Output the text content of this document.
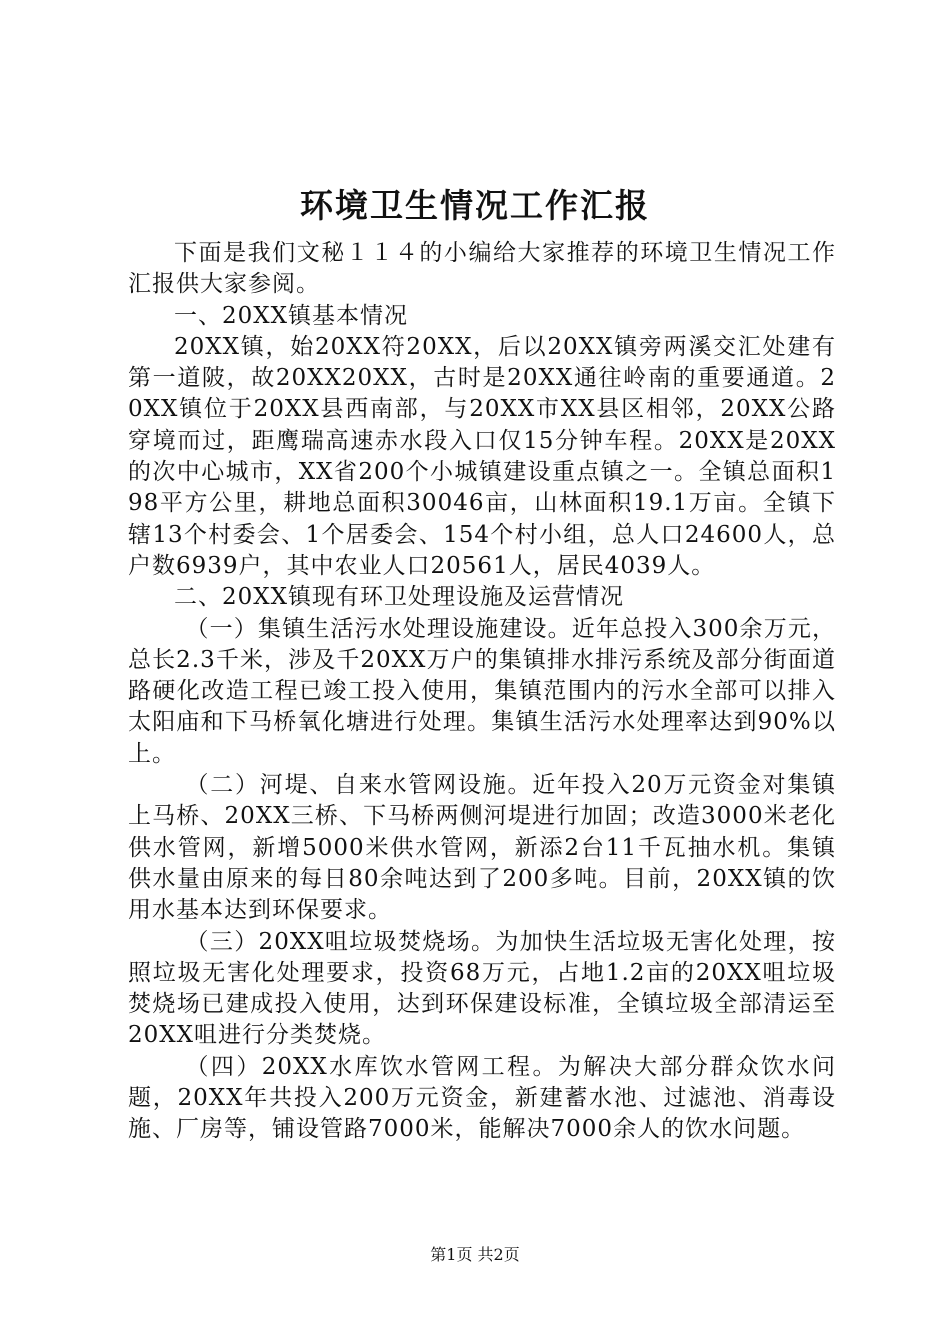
环境卫生情况工作汇报

下面是我们文秘１１４的小编给大家推荐的环境卫生情况工作汇报供大家参阅。

一、20XX镇基本情况

20XX镇，始20XX符20XX，后以20XX镇旁两溪交汇处建有第一道陂，故20XX20XX，古时是20XX通往岭南的重要通道。20XX镇位于20XX县西南部，与20XX市XX县区相邻，20XX公路穿境而过，距鹰瑞高速赤水段入口仅15分钟车程。20XX是20XX的次中心城市，XX省200个小城镇建设重点镇之一。全镇总面积198平方公里，耕地总面积30046亩，山林面积19.1万亩。全镇下辖13个村委会、1个居委会、154个村小组，总人口24600人，总户数6939户，其中农业人口20561人，居民4039人。

二、20XX镇现有环卫处理设施及运营情况

（一）集镇生活污水处理设施建设。近年总投入300余万元，总长2.3千米，涉及千20XX万户的集镇排水排污系统及部分街面道路硬化改造工程已竣工投入使用，集镇范围内的污水全部可以排入太阳庙和下马桥氧化塘进行处理。集镇生活污水处理率达到90%以上。

（二）河堤、自来水管网设施。近年投入20万元资金对集镇上马桥、20XX三桥、下马桥两侧河堤进行加固；改造3000米老化供水管网，新增5000米供水管网，新添2台11千瓦抽水机。集镇供水量由原来的每日80余吨达到了200多吨。目前，20XX镇的饮用水基本达到环保要求。

（三）20XX咀垃圾焚烧场。为加快生活垃圾无害化处理，按照垃圾无害化处理要求，投资68万元，占地1.2亩的20XX咀垃圾焚烧场已建成投入使用，达到环保建设标准，全镇垃圾全部清运至20XX咀进行分类焚烧。

（四）20XX水库饮水管网工程。为解决大部分群众饮水问题，20XX年共投入200万元资金，新建蓄水池、过滤池、消毒设施、厂房等，铺设管路7000米，能解决7000余人的饮水问题。

第1页 共2页
